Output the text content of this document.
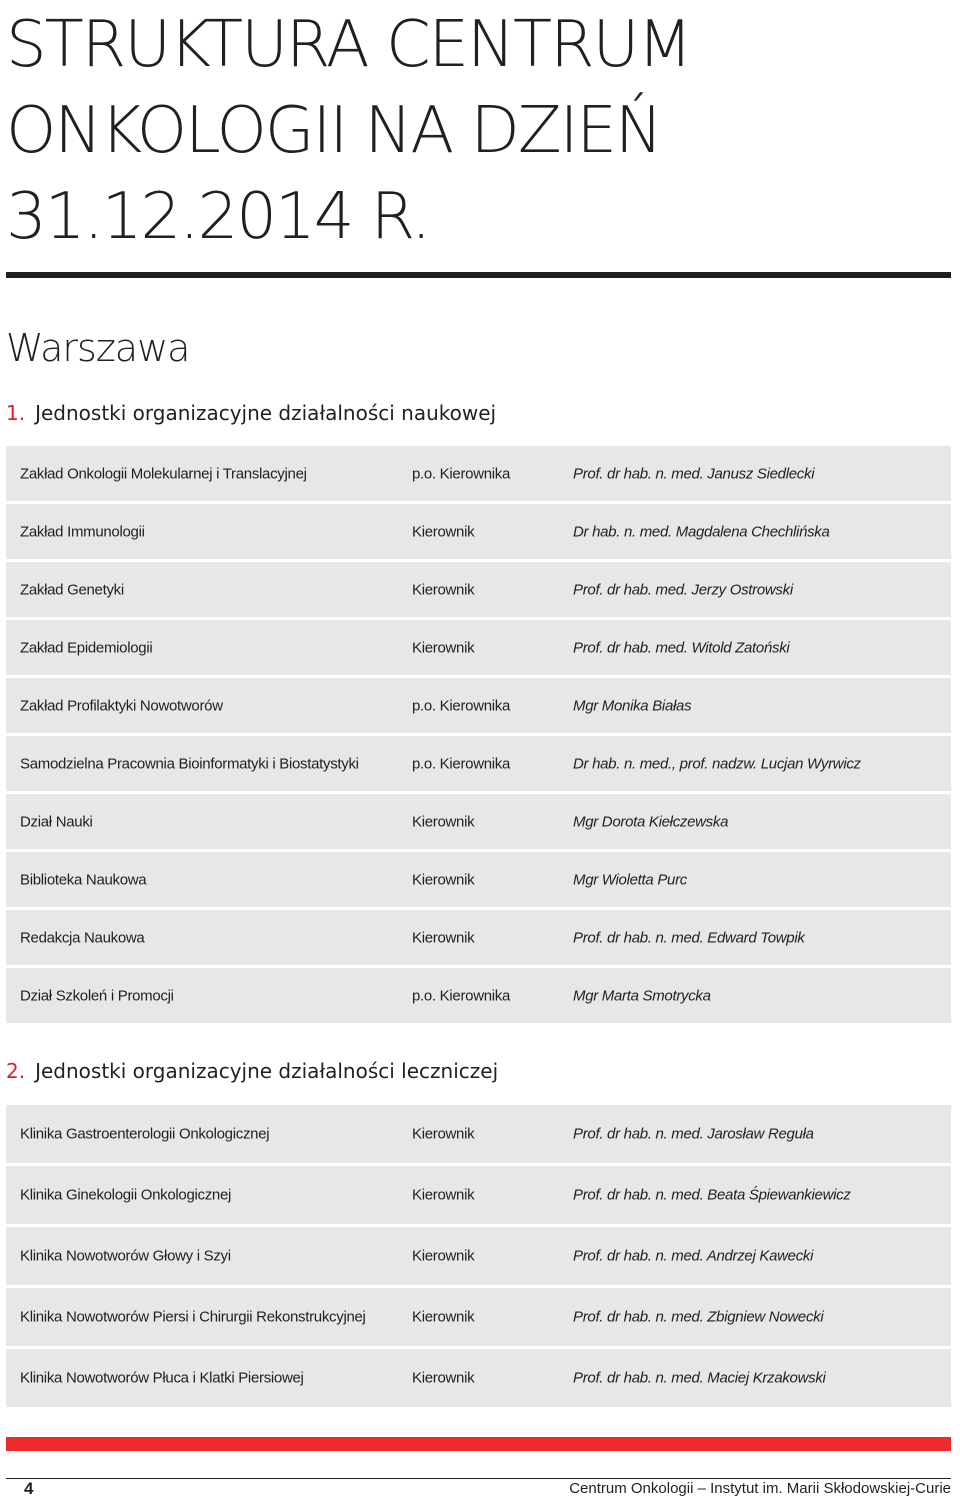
STRUKTURA CENTRUM
ONKOLOGII NA DZIEŃ
31.12.2014 R.
Warszawa
1. Jednostki organizacyjne działalności naukowej
Zakład Onkologii Molekularnej i Translacyjnej	p.o. Kierownika	Prof. dr hab. n. med. Janusz Siedlecki
Zakład Immunologii	Kierownik	Dr hab. n. med. Magdalena Chechlińska
Zakład Genetyki	Kierownik	Prof. dr hab. med. Jerzy Ostrowski
Zakład Epidemiologii	Kierownik	Prof. dr hab. med. Witold Zatoński
Zakład Profilaktyki Nowotworów	p.o. Kierownika	Mgr Monika Białas
Samodzielna Pracownia Bioinformatyki i Biostatystyki	p.o. Kierownika	Dr hab. n. med., prof. nadzw. Lucjan Wyrwicz
Dział Nauki	Kierownik	Mgr Dorota Kiełczewska
Biblioteka Naukowa	Kierownik	Mgr Wioletta Purc
Redakcja Naukowa	Kierownik	Prof. dr hab. n. med. Edward Towpik
Dział Szkoleń i Promocji	p.o. Kierownika	Mgr Marta Smotrycka
2. Jednostki organizacyjne działalności leczniczej
Klinika Gastroenterologii Onkologicznej	Kierownik	Prof. dr hab. n. med. Jarosław Reguła
Klinika Ginekologii Onkologicznej	Kierownik	Prof. dr hab. n. med. Beata Śpiewankiewicz
Klinika Nowotworów Głowy i Szyi	Kierownik	Prof. dr hab. n. med. Andrzej Kawecki
Klinika Nowotworów Piersi i Chirurgii Rekonstrukcyjnej	Kierownik	Prof. dr hab. n. med. Zbigniew Nowecki
Klinika Nowotworów Płuca i Klatki Piersiowej	Kierownik	Prof. dr hab. n. med. Maciej Krzakowski
4	Centrum Onkologii – Instytut im. Marii Skłodowskiej-Curie
